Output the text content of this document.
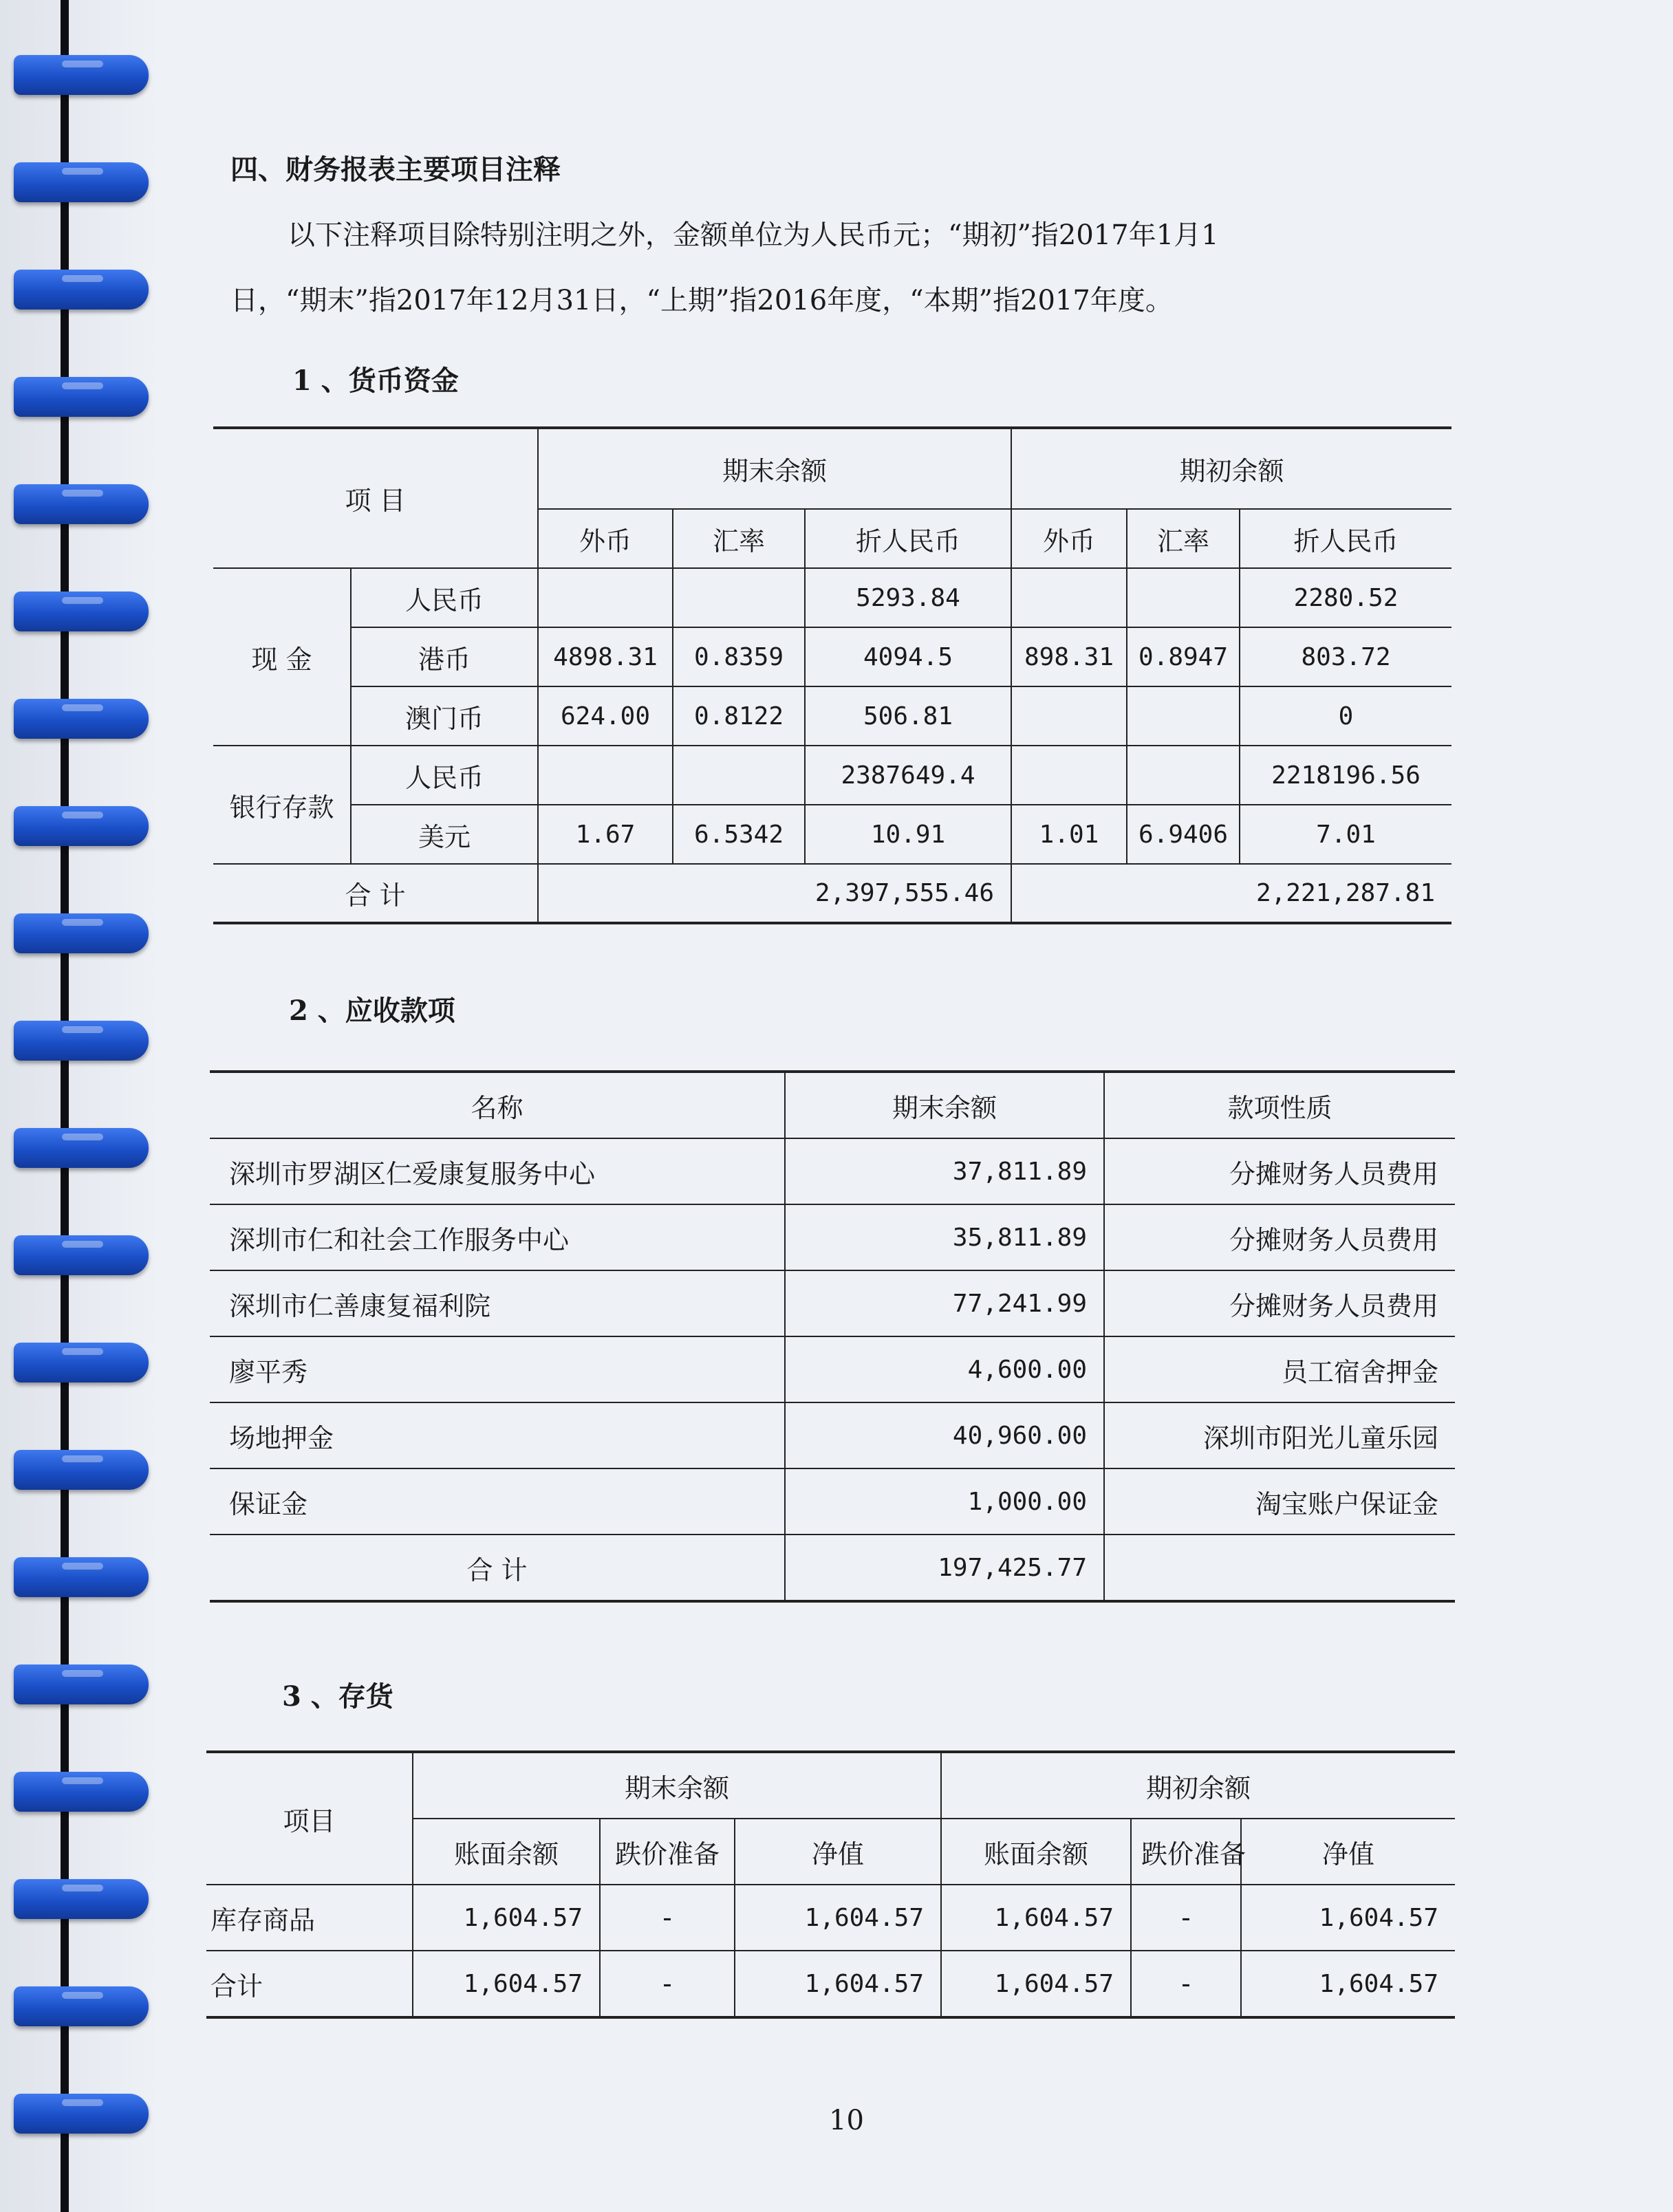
四、财务报表主要项目注释
以下注释项目除特别注明之外，金额单位为人民币元；“期初”指2017年1月1
日，“期末”指2017年12月31日，“上期”指2016年度，“本期”指2017年度。
1 、货币资金
项 目		期末余额			期初余额		
		外币	汇率	折人民币	外币	汇率	折人民币
现 金	人民币			5293.84			2280.52
	港币	4898.31	0.8359	4094.5	898.31	0.8947	803.72
	澳门币	624.00	0.8122	506.81			0
银行存款	人民币			2387649.4			2218196.56
	美元	1.67	6.5342	10.91	1.01	6.9406	7.01
合 计		2,397,555.46			2,221,287.81		
2 、应收款项
名称	期末余额	款项性质
深圳市罗湖区仁爱康复服务中心	37,811.89	分摊财务人员费用
深圳市仁和社会工作服务中心	35,811.89	分摊财务人员费用
深圳市仁善康复福利院	77,241.99	分摊财务人员费用
廖平秀	4,600.00	员工宿舍押金
场地押金	40,960.00	深圳市阳光儿童乐园
保证金	1,000.00	淘宝账户保证金
合 计	197,425.77	
3 、存货
项目	期末余额			期初余额		
	账面余额	跌价准备	净值	账面余额	跌价准备	净值
库存商品	1,604.57	-	1,604.57	1,604.57	-	1,604.57
合计	1,604.57	-	1,604.57	1,604.57	-	1,604.57
10
